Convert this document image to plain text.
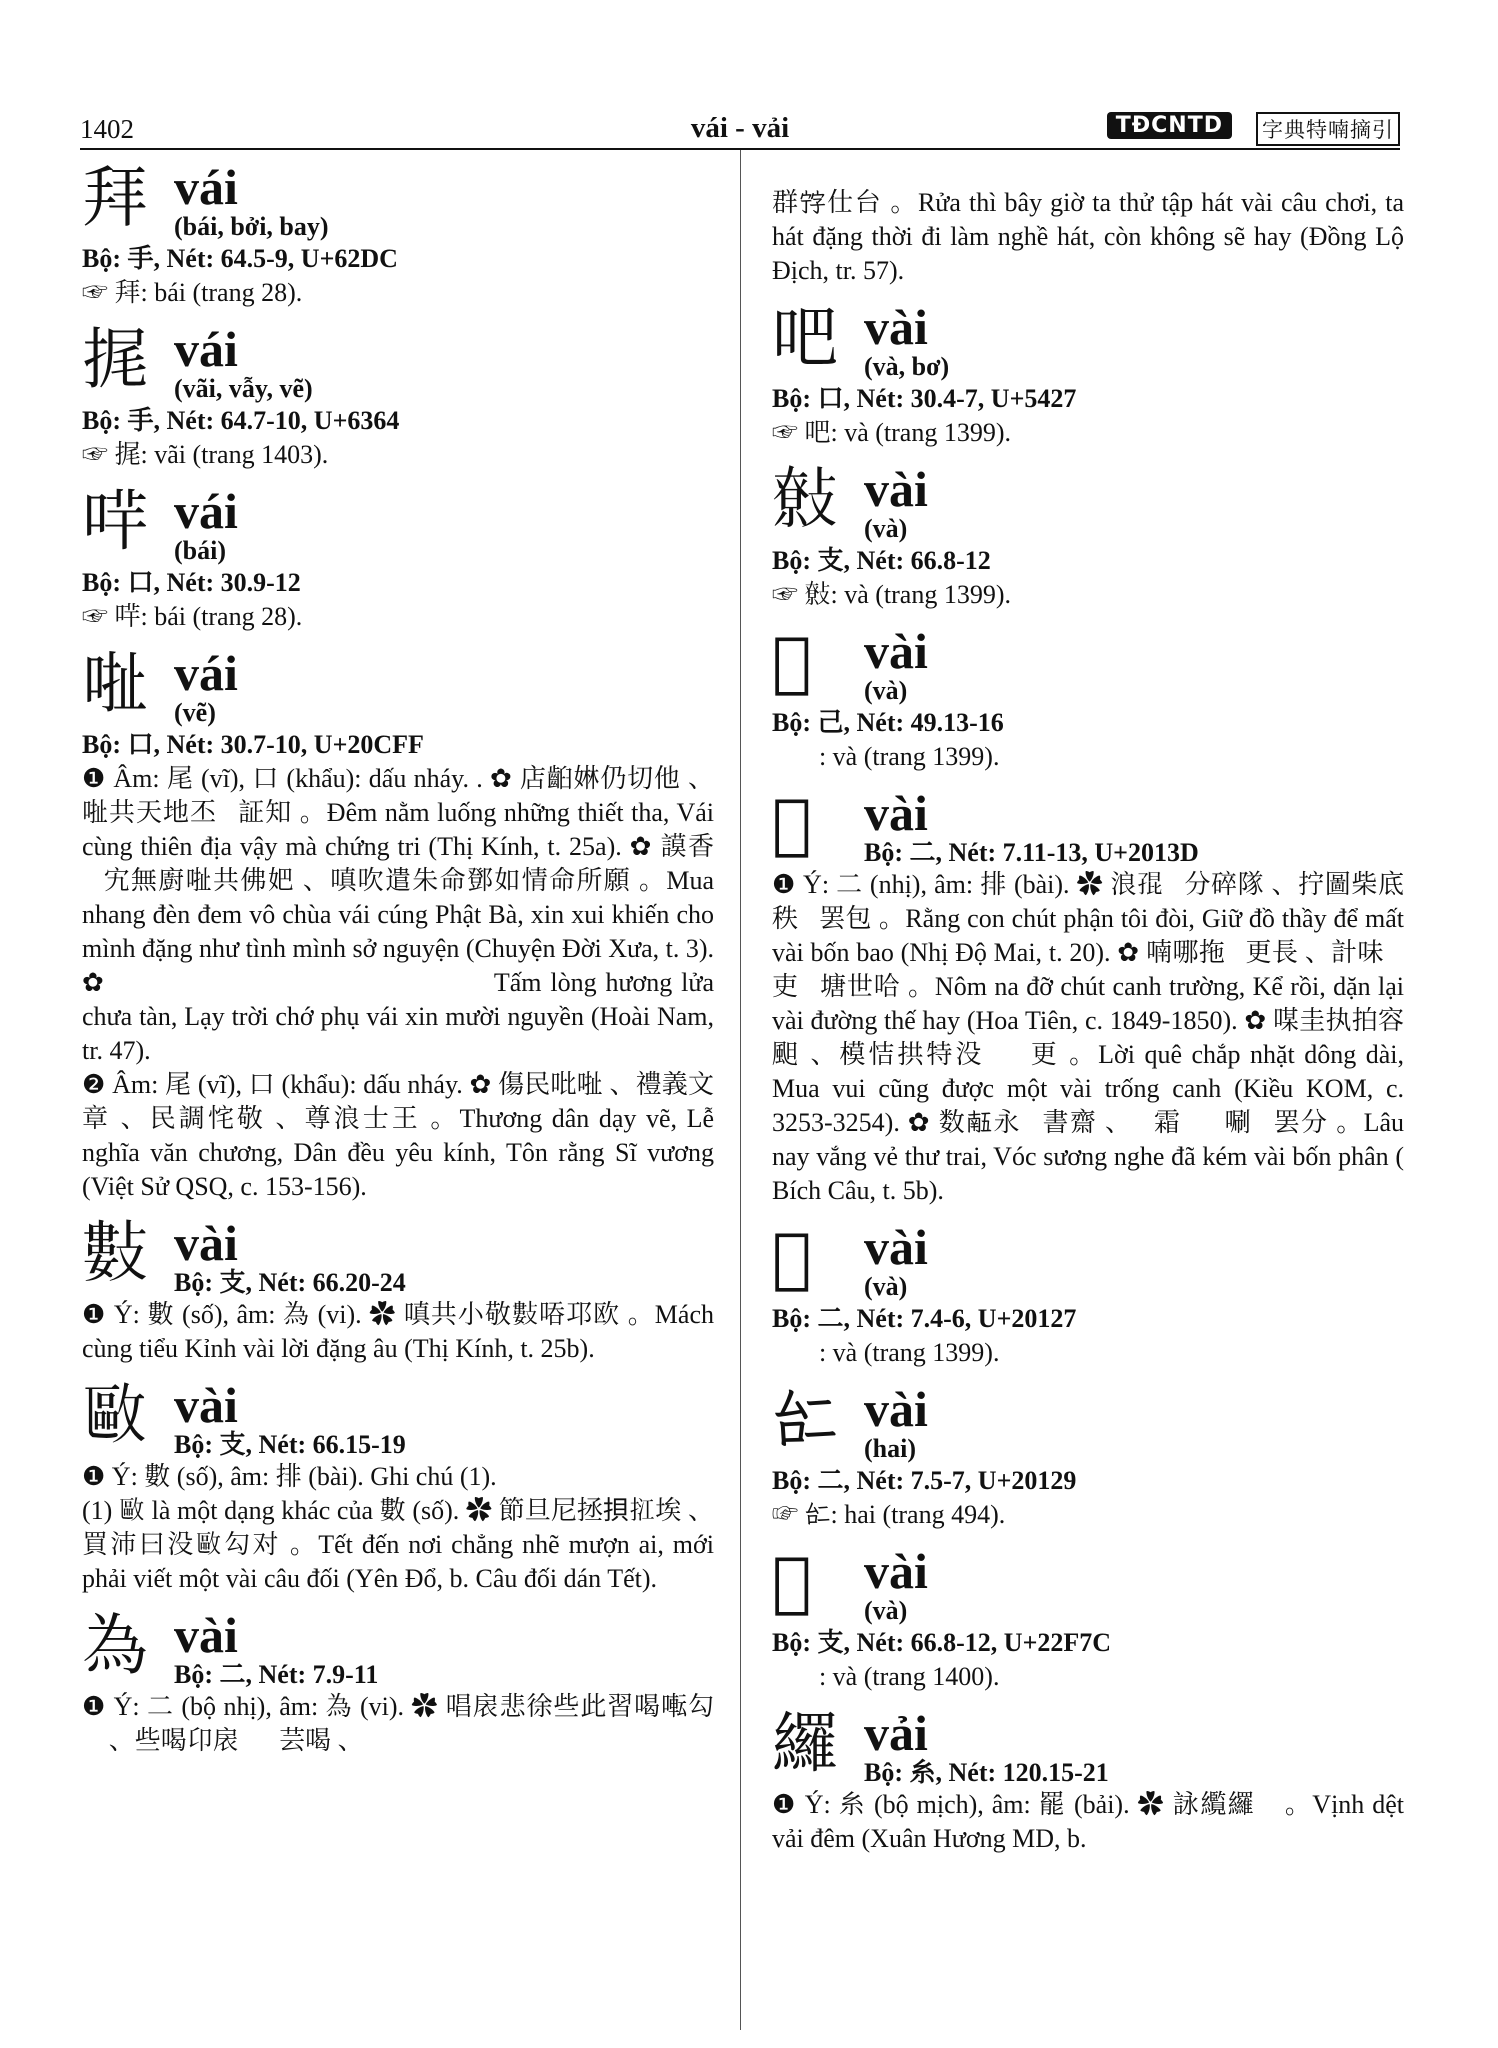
1402	vái - vải	TĐCNTD	字典特喃摘引
拜 vái
(bái, bởi, bay)
Bộ: 手, Nét: 64.5-9, U+62DC
☞ 拜: bái (trang 28).
捤 vái
(vãi, vẫy, vẽ)
Bộ: 手, Nét: 64.7-10, U+6364
☞ 捤: vãi (trang 1403).
哶 vái
(bái)
Bộ: 口, Nét: 30.9-12
☞ 哶: bái (trang 28).
𠳏 vái
(vẽ)
Bộ: 口, Nét: 30.7-10, U+20CFF
❶ Âm: 尾 (vĩ), 口 (khẩu): dấu nháy. . ✿ 店齨㛦仍切他 、𠳏共天地丕𫨩証知 。Đêm nằm luống những thiết tha, Vái cùng thiên địa vậy mà chứng tri (Thị Kính, t. 25a). ✿ 謨香𤊰宄無廚𠳏共佛妑 、嗔吹遣朱命鄧如情命所願 。Mua nhang đèn đem vô chùa vái cúng Phật Bà, xin xui khiến cho mình đặng như tình mình sở nguyện (Chuyện Đời Xưa, t. 3). ✿ 𦛿悉香焒渚殘 、𫡯丕渚負𠳏嗔𨑮願 。Tấm lòng hương lửa chưa tàn, Lạy trời chớ phụ vái xin mười nguyền (Hoài Nam, tr. 47).
❷ Âm: 尾 (vĩ), 口 (khẩu): dấu nháy. ✿ 傷民吡𠳏 、禮義文章 、民調㤞敬 、尊浪士王 。Thương dân dạy vẽ, Lễ nghĩa văn chương, Dân đều yêu kính, Tôn rằng Sĩ vương (Việt Sử QSQ, c. 153-156).
𢿘 vài
Bộ: 支, Nét: 66.20-24
❶ Ý: 數 (số), âm: 為 (vi). ✿ 嗔共小敬𢿘㖔邛欧 。Mách cùng tiểu Kỉnh vài lời đặng âu (Thị Kính, t. 25b).
𢿛 vài
Bộ: 支, Nét: 66.15-19
❶ Ý: 數 (số), âm: 排 (bài). Ghi chú (1).
(1) 𢿛 là một dạng khác của 數 (số). ✿ 節旦尼拯𢭲𢬥埃 、買沛曰没𢿛勾对 。Tết đến nơi chẳng nhẽ mượn ai, mới phải viết một vài câu đối (Yên Đổ, b. Câu đối dán Tết).
為 vài
Bộ: 二, Nét: 7.9-11
❶ Ý: 二 (bộ nhị), âm: 為 (vi). ✿ 唱扆悲徐些此習喝𫝚勾𨁪 、些喝卬扆𢀭𫢩芸喝 、
群𡨸仕台 。Rửa thì bây giờ ta thử tập hát vài câu chơi, ta hát đặng thời đi làm nghề hát, còn không sẽ hay (Đồng Lộ Địch, tr. 57).
吧 vài
(và, bơ)
Bộ: 口, Nét: 30.4-7, U+5427
☞ 吧: và (trang 1399).
𢿞 vài
(và)
Bộ: 支, Nét: 66.8-12
☞ 𢿞: và (trang 1399).
𢀲	vài
(và)
Bộ: 己, Nét: 49.13-16
☞ 𢀲: và (trang 1399).
𫠯	vài
Bộ: 二, Nét: 7.11-13, U+2013D
❶ Ý: 二 (nhị), âm: 排 (bài). ✿ 浪𡥵𦀊分碎隊 、拧圖柴底秩𫠯罢包 。Rằng con chút phận tôi đòi, Giữ đồ thầy để mất vài bốn bao (Nhị Độ Mai, t. 20). ✿ 喃哪拖𦀊更長 、計味𦊚吏𫠯塘世哈 。Nôm na đỡ chút canh trường, Kể rồi, dặn lại vài đường thế hay (Hoa Tiên, c. 1849-1850). ✿ 㖼圭执拍容䫻 、模恄拱特没𫠯𣋚更 。Lời quê chắp nhặt dông dài, Mua vui cũng được một vài trống canh (Kiều KOM, c. 3253-3254). ✿ 数𠄼永𩈘書齋 、𥾽霜𩈘𤿤唰𫠯罢分 。Lâu nay vắng vẻ thư trai, Vóc sương nghe đã kém vài bốn phân ( Bích Câu, t. 5b).
𠄧	vài
(và)
Bộ: 二, Nét: 7.4-6, U+20127
☞ 𠄧: và (trang 1399).
𠄩 vài
(hai)
Bộ: 二, Nét: 7.5-7, U+20129
☞ 𠄩: hai (trang 494).
𢽼	vài
(và)
Bộ: 支, Nét: 66.8-12, U+22F7C
☞ 𢽼: và (trang 1400).
纙 vải
Bộ: 糸, Nét: 120.15-21
❶ Ý: 糸 (bộ mịch), âm: 罷 (bải). ✿ 詠䌫纙𦚖 。Vịnh dệt vải đêm (Xuân Hương MD, b.
